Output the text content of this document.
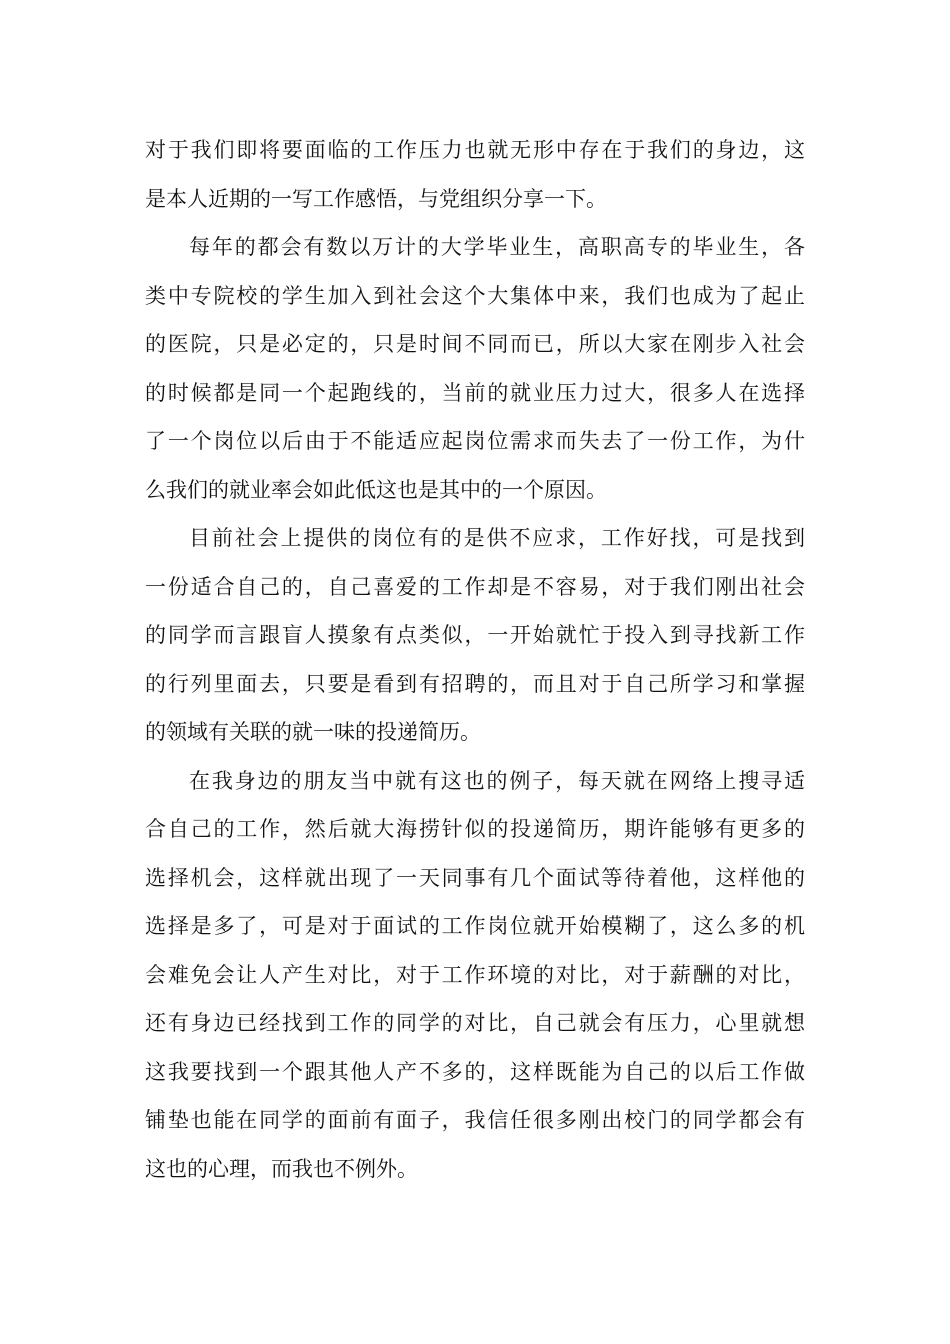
对于我们即将要面临的工作压力也就无形中存在于我们的身边，这
是本人近期的一写工作感悟，与党组织分享一下。

每年的都会有数以万计的大学毕业生，高职高专的毕业生，各
类中专院校的学生加入到社会这个大集体中来，我们也成为了起止
的医院，只是必定的，只是时间不同而已，所以大家在刚步入社会
的时候都是同一个起跑线的，当前的就业压力过大，很多人在选择
了一个岗位以后由于不能适应起岗位需求而失去了一份工作，为什
么我们的就业率会如此低这也是其中的一个原因。

目前社会上提供的岗位有的是供不应求，工作好找，可是找到
一份适合自己的，自己喜爱的工作却是不容易，对于我们刚出社会
的同学而言跟盲人摸象有点类似，一开始就忙于投入到寻找新工作
的行列里面去，只要是看到有招聘的，而且对于自己所学习和掌握
的领域有关联的就一味的投递简历。

在我身边的朋友当中就有这也的例子，每天就在网络上搜寻适
合自己的工作，然后就大海捞针似的投递简历，期许能够有更多的
选择机会，这样就出现了一天同事有几个面试等待着他，这样他的
选择是多了，可是对于面试的工作岗位就开始模糊了，这么多的机
会难免会让人产生对比，对于工作环境的对比，对于薪酬的对比，
还有身边已经找到工作的同学的对比，自己就会有压力，心里就想
这我要找到一个跟其他人产不多的，这样既能为自己的以后工作做
铺垫也能在同学的面前有面子，我信任很多刚出校门的同学都会有
这也的心理，而我也不例外。
